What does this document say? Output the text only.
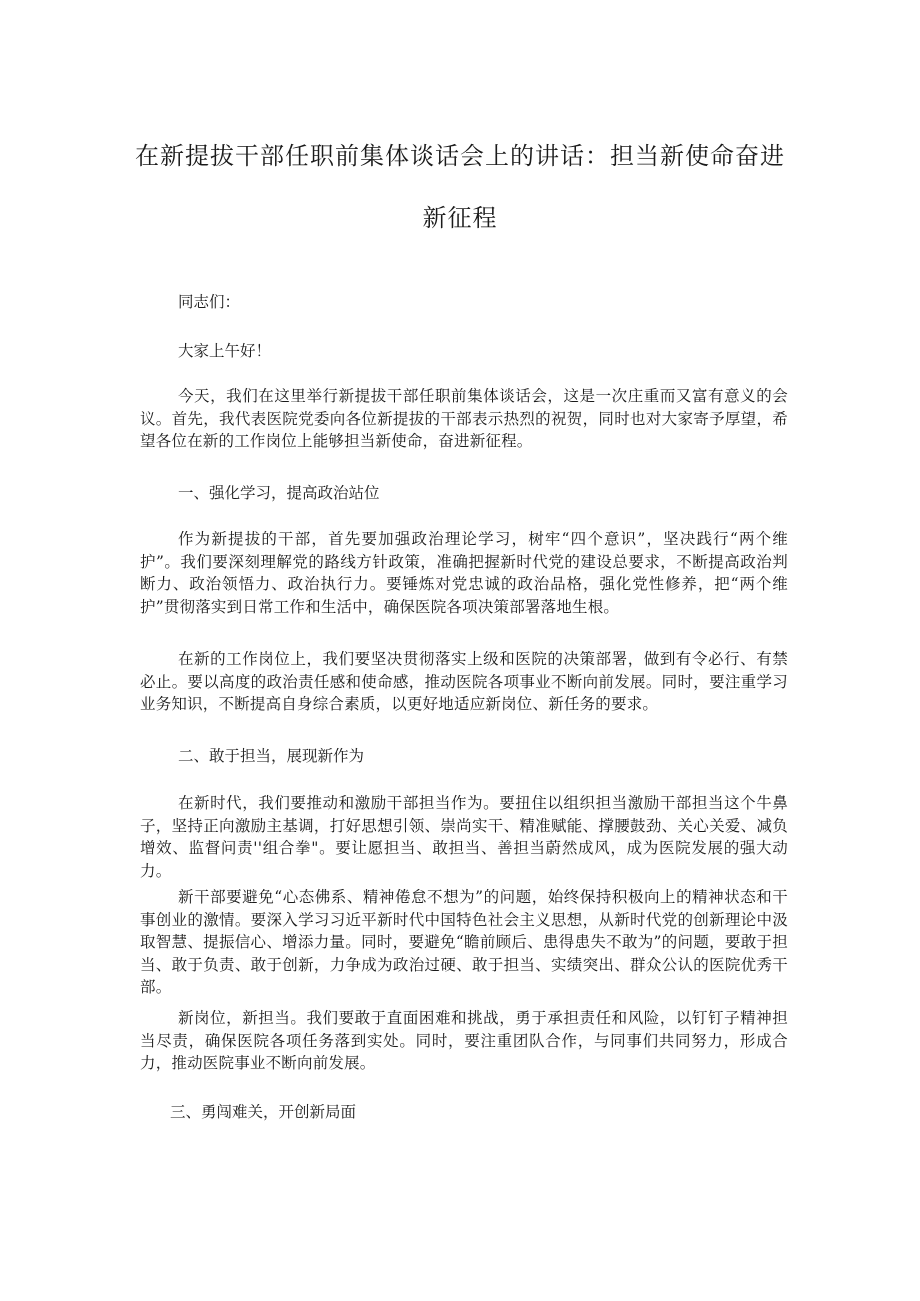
在新提拔干部任职前集体谈话会上的讲话：担当新使命奋进
新征程
同志们：
大家上午好！
今天，我们在这里举行新提拔干部任职前集体谈话会，这是一次庄重而又富有意义的会议。首先，我代表医院党委向各位新提拔的干部表示热烈的祝贺，同时也对大家寄予厚望，希望各位在新的工作岗位上能够担当新使命，奋进新征程。
一、强化学习，提高政治站位
作为新提拔的干部，首先要加强政治理论学习，树牢“四个意识”，坚决践行“两个维护”。我们要深刻理解党的路线方针政策，准确把握新时代党的建设总要求，不断提高政治判断力、政治领悟力、政治执行力。要锤炼对党忠诚的政治品格，强化党性修养，把“两个维护”贯彻落实到日常工作和生活中，确保医院各项决策部署落地生根。
在新的工作岗位上，我们要坚决贯彻落实上级和医院的决策部署，做到有令必行、有禁必止。要以高度的政治责任感和使命感，推动医院各项事业不断向前发展。同时，要注重学习业务知识，不断提高自身综合素质，以更好地适应新岗位、新任务的要求。
二、敢于担当，展现新作为
在新时代，我们要推动和激励干部担当作为。要扭住以组织担当激励干部担当这个牛鼻子，坚持正向激励主基调，打好思想引领、崇尚实干、精准赋能、撑腰鼓劲、关心关爱、减负增效、监督问责''组合拳"。要让愿担当、敢担当、善担当蔚然成风，成为医院发展的强大动力。
新干部要避免“心态佛系、精神倦怠不想为”的问题，始终保持积极向上的精神状态和干事创业的激情。要深入学习习近平新时代中国特色社会主义思想，从新时代党的创新理论中汲取智慧、提振信心、增添力量。同时，要避免“瞻前顾后、患得患失不敢为”的问题，要敢于担当、敢于负责、敢于创新，力争成为政治过硬、敢于担当、实绩突出、群众公认的医院优秀干部。
新岗位，新担当。我们要敢于直面困难和挑战，勇于承担责任和风险，以钉钉子精神担当尽责，确保医院各项任务落到实处。同时，要注重团队合作，与同事们共同努力，形成合力，推动医院事业不断向前发展。
三、勇闯难关，开创新局面
